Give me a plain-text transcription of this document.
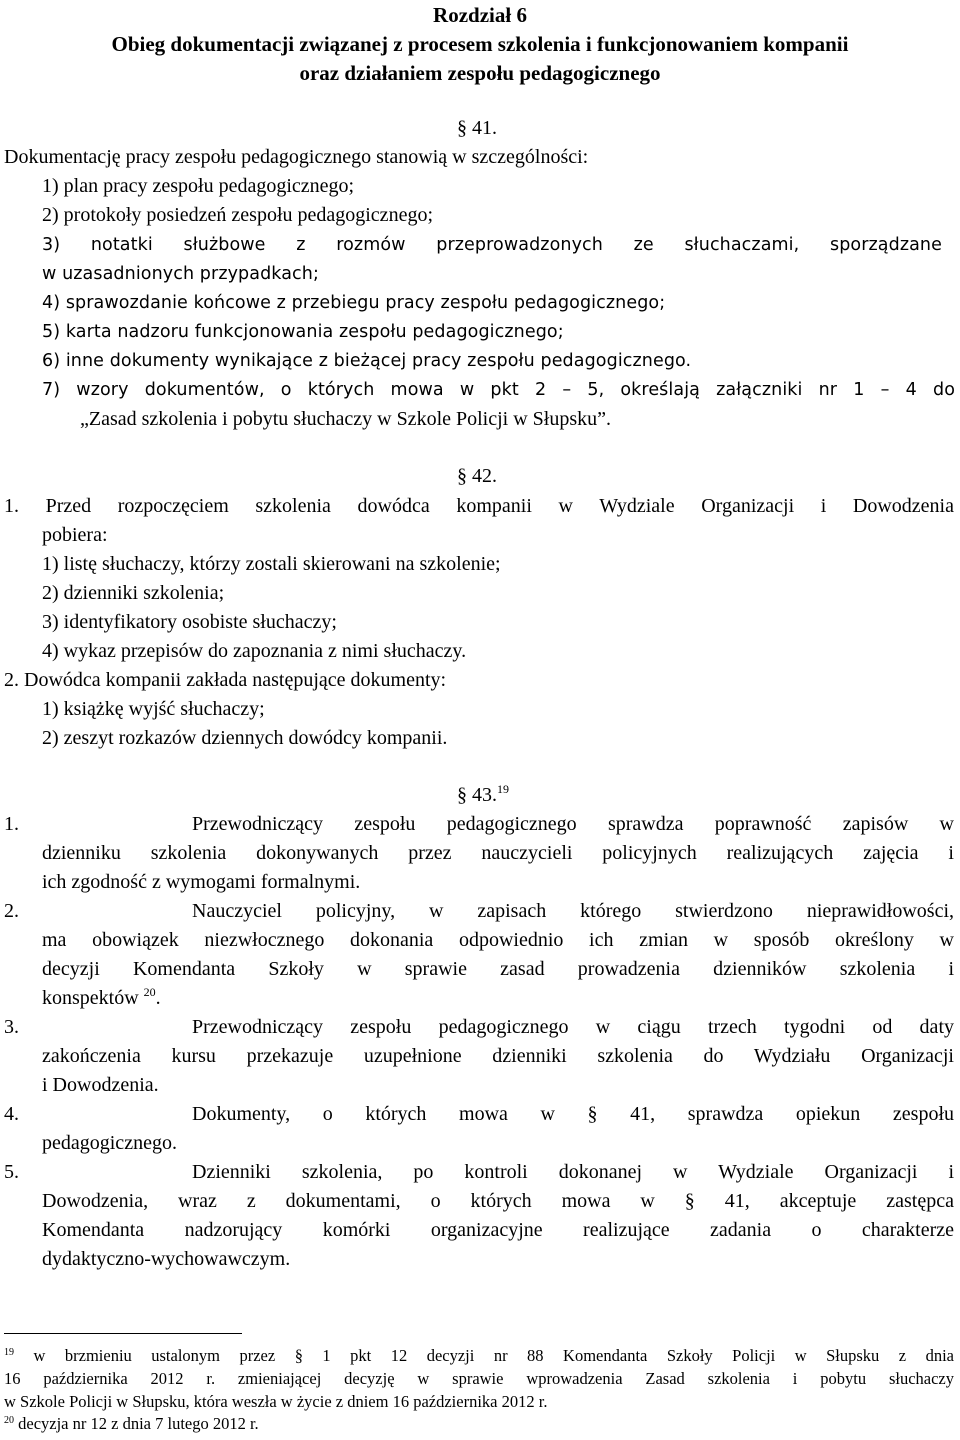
Rozdział 6
Obieg dokumentacji związanej z procesem szkolenia i funkcjonowaniem kompanii
oraz działaniem zespołu pedagogicznego
§ 41.
Dokumentację pracy zespołu pedagogicznego stanowią w szczególności:
1) plan pracy zespołu pedagogicznego;
2) protokoły posiedzeń zespołu pedagogicznego;
3) notatki służbowe z rozmów przeprowadzonych ze słuchaczami, sporządzane
w uzasadnionych przypadkach;
4) sprawozdanie końcowe z przebiegu pracy zespołu pedagogicznego;
5) karta nadzoru funkcjonowania zespołu pedagogicznego;
6) inne dokumenty wynikające z bieżącej pracy zespołu pedagogicznego.
7) wzory dokumentów, o których mowa w pkt 2 – 5, określają załączniki nr 1 – 4 do
„Zasad szkolenia i pobytu słuchaczy w Szkole Policji w Słupsku”.
§ 42.
1. Przed rozpoczęciem szkolenia dowódca kompanii w Wydziale Organizacji i Dowodzenia
pobiera:
1) listę słuchaczy, którzy zostali skierowani na szkolenie;
2) dzienniki szkolenia;
3) identyfikatory osobiste słuchaczy;
4) wykaz przepisów do zapoznania z nimi słuchaczy.
2. Dowódca kompanii zakłada następujące dokumenty:
1) książkę wyjść słuchaczy;
2) zeszyt rozkazów dziennych dowódcy kompanii.
§ 43.19
1.	Przewodniczący zespołu pedagogicznego sprawdza poprawność zapisów w
dzienniku szkolenia dokonywanych przez nauczycieli policyjnych realizujących zajęcia i
ich zgodność z wymogami formalnymi.
2.	Nauczyciel policyjny, w zapisach którego stwierdzono nieprawidłowości,
ma obowiązek niezwłocznego dokonania odpowiednio ich zmian w sposób określony w
decyzji Komendanta Szkoły w sprawie zasad prowadzenia dzienników szkolenia i
konspektów $^{20}$.
3.	Przewodniczący zespołu pedagogicznego w ciągu trzech tygodni od daty
zakończenia kursu przekazuje uzupełnione dzienniki szkolenia do Wydziału Organizacji
i Dowodzenia.
4.	Dokumenty, o których mowa w § 41, sprawdza opiekun zespołu
pedagogicznego.
5.	Dzienniki szkolenia, po kontroli dokonanej w Wydziale Organizacji i
Dowodzenia, wraz z dokumentami, o których mowa w § 41, akceptuje zastępca
Komendanta nadzorujący komórki organizacyjne realizujące zadania o charakterze
dydaktyczno-wychowawczym.
$^{19}$ w brzmieniu ustalonym przez § 1 pkt 12 decyzji nr 88 Komendanta Szkoły Policji w Słupsku z dnia
16 października 2012 r. zmieniającej decyzję w sprawie wprowadzenia Zasad szkolenia i pobytu słuchaczy
w Szkole Policji w Słupsku, która weszła w życie z dniem 16 października 2012 r.
$^{20}$ decyzja nr 12 z dnia 7 lutego 2012 r.
